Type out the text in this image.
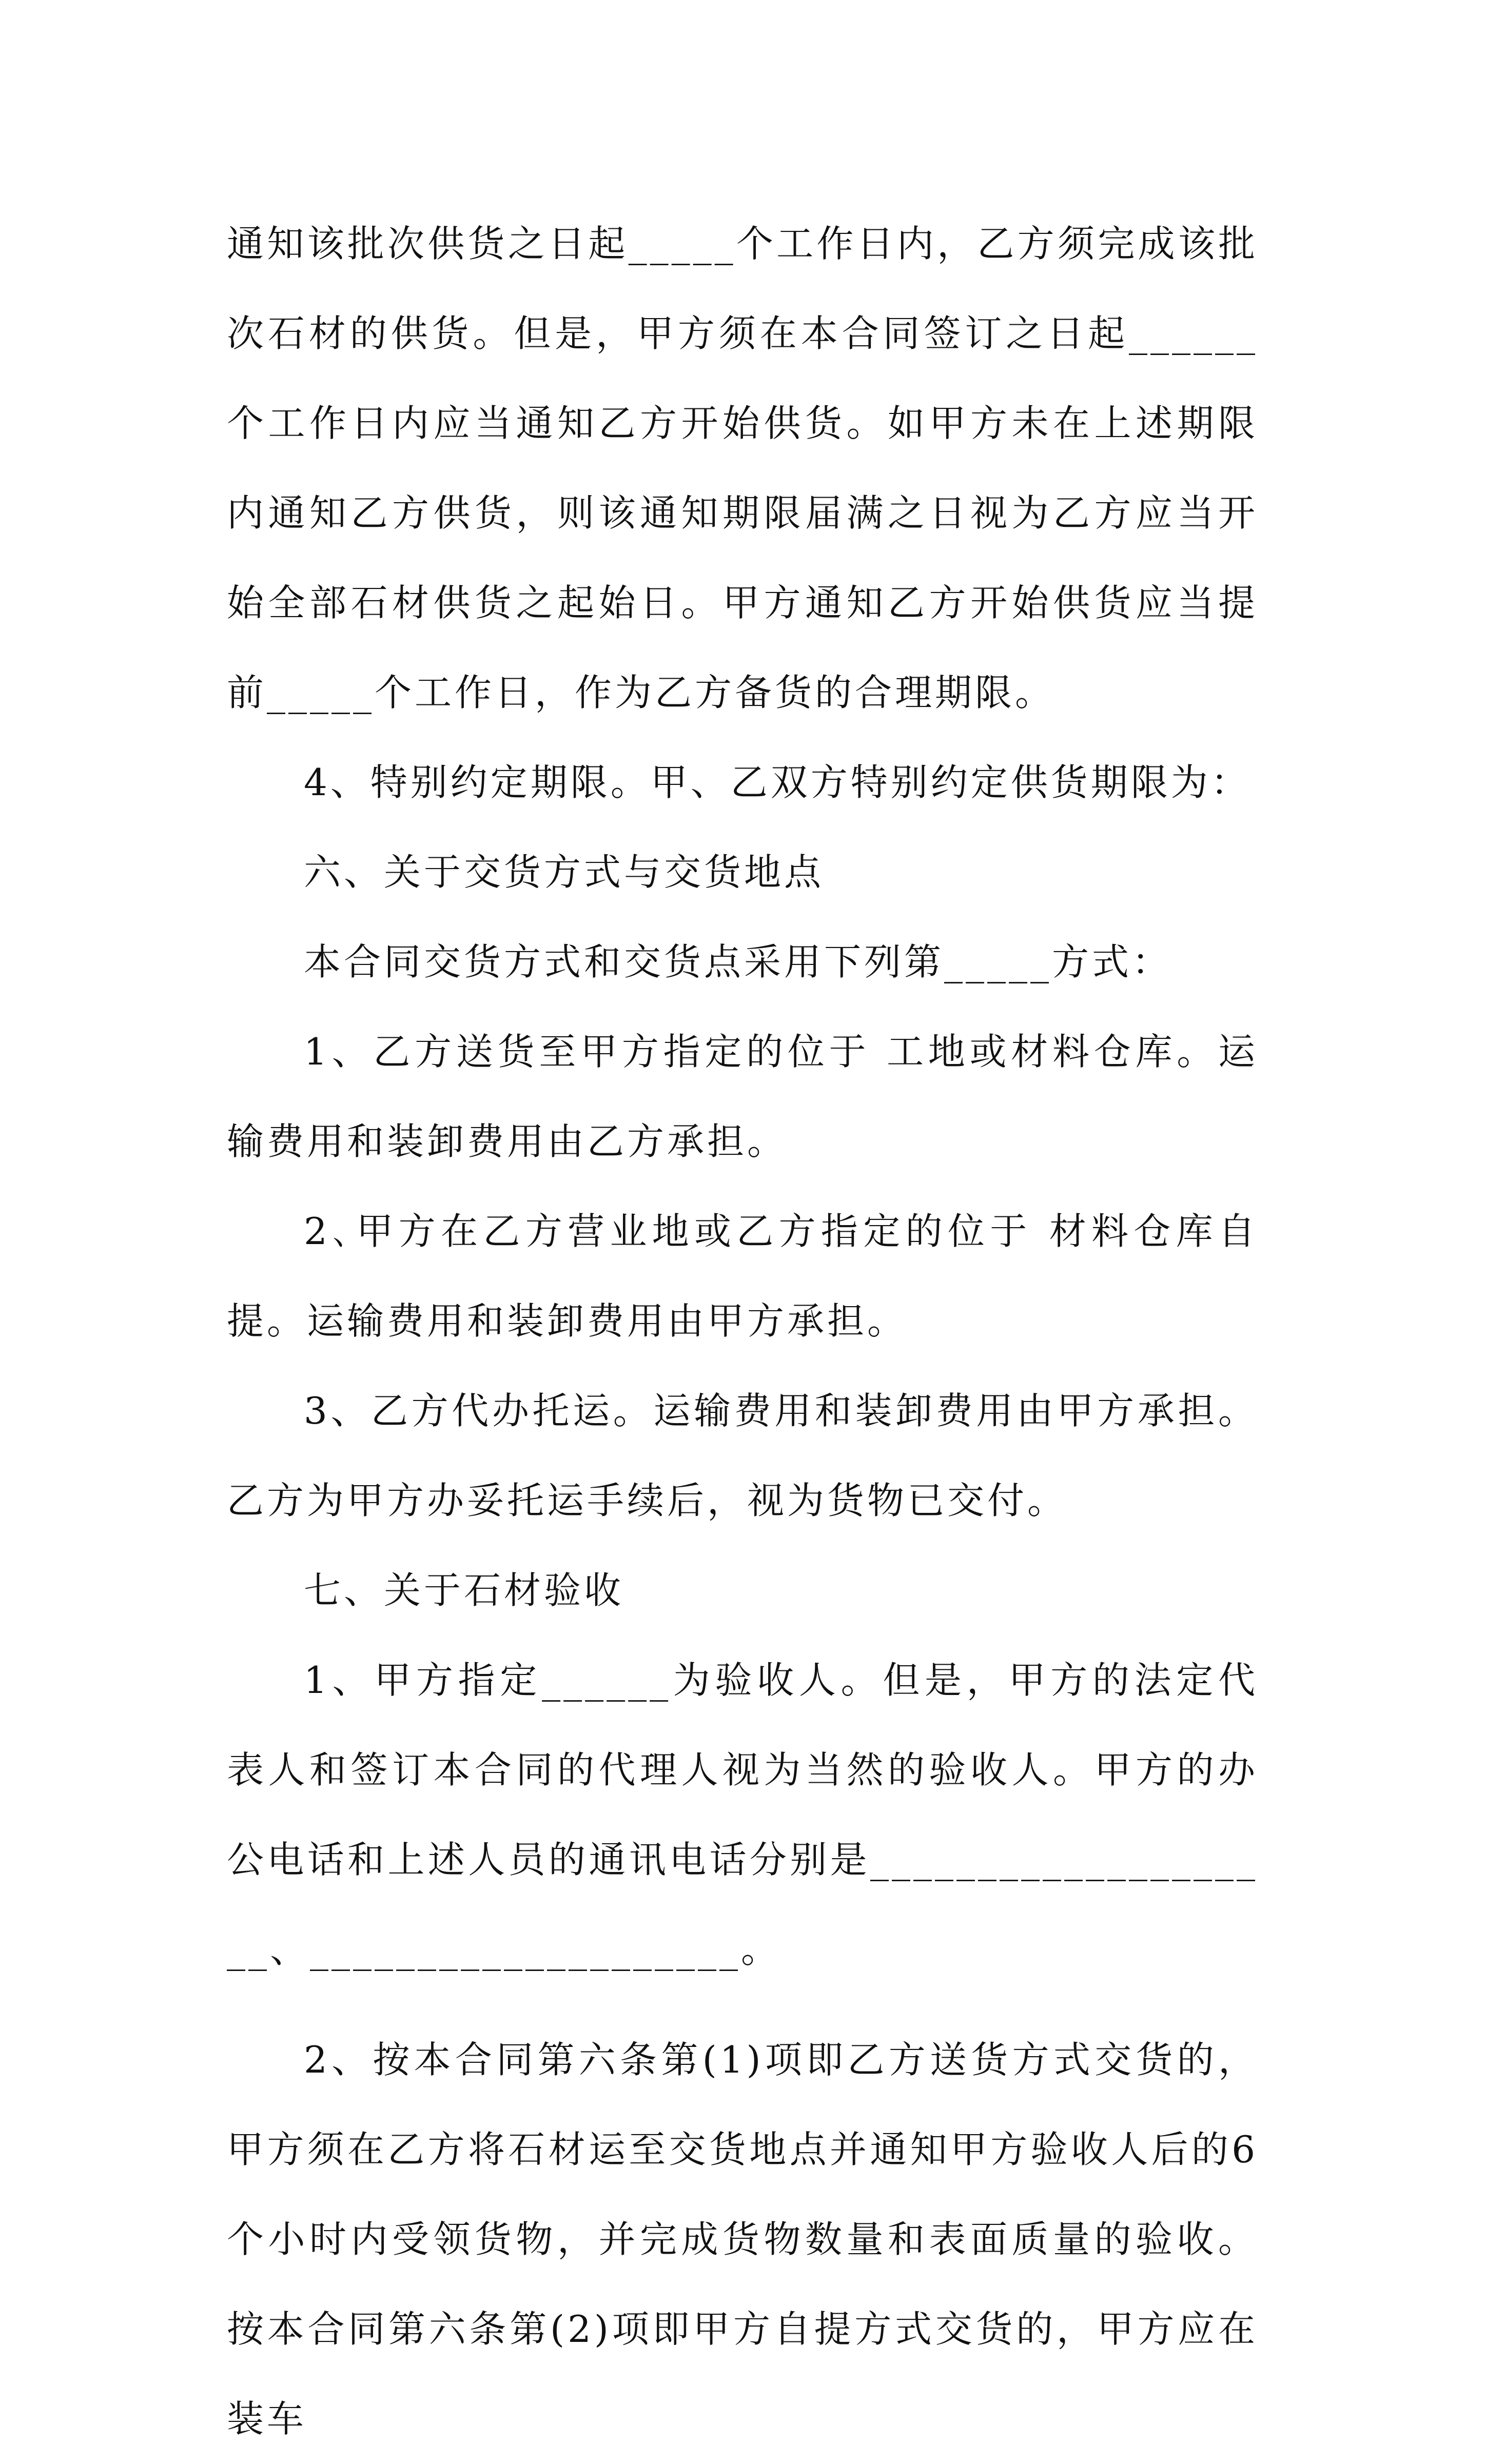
通知该批次供货之日起_____个工作日内，乙方须完成该批次石材的供货。但是，甲方须在本合同签订之日起______个工作日内应当通知乙方开始供货。如甲方未在上述期限内通知乙方供货，则该通知期限届满之日视为乙方应当开始全部石材供货之起始日。甲方通知乙方开始供货应当提前_____个工作日，作为乙方备货的合理期限。

4、特别约定期限。甲、乙双方特别约定供货期限为：

六、关于交货方式与交货地点

本合同交货方式和交货点采用下列第_____方式：

1、乙方送货至甲方指定的位于 工地或材料仓库。运输费用和装卸费用由乙方承担。

2､甲方在乙方营业地或乙方指定的位于 材料仓库自提。运输费用和装卸费用由甲方承担。

3、乙方代办托运。运输费用和装卸费用由甲方承担。乙方为甲方办妥托运手续后，视为货物已交付。

七、关于石材验收

1、甲方指定______为验收人。但是，甲方的法定代表人和签订本合同的代理人视为当然的验收人。甲方的办公电话和上述人员的通讯电话分别是____________________、____________________。

2、按本合同第六条第(1)项即乙方送货方式交货的，甲方须在乙方将石材运至交货地点并通知甲方验收人后的6个小时内受领货物，并完成货物数量和表面质量的验收。按本合同第六条第(2)项即甲方自提方式交货的，甲方应在装车
